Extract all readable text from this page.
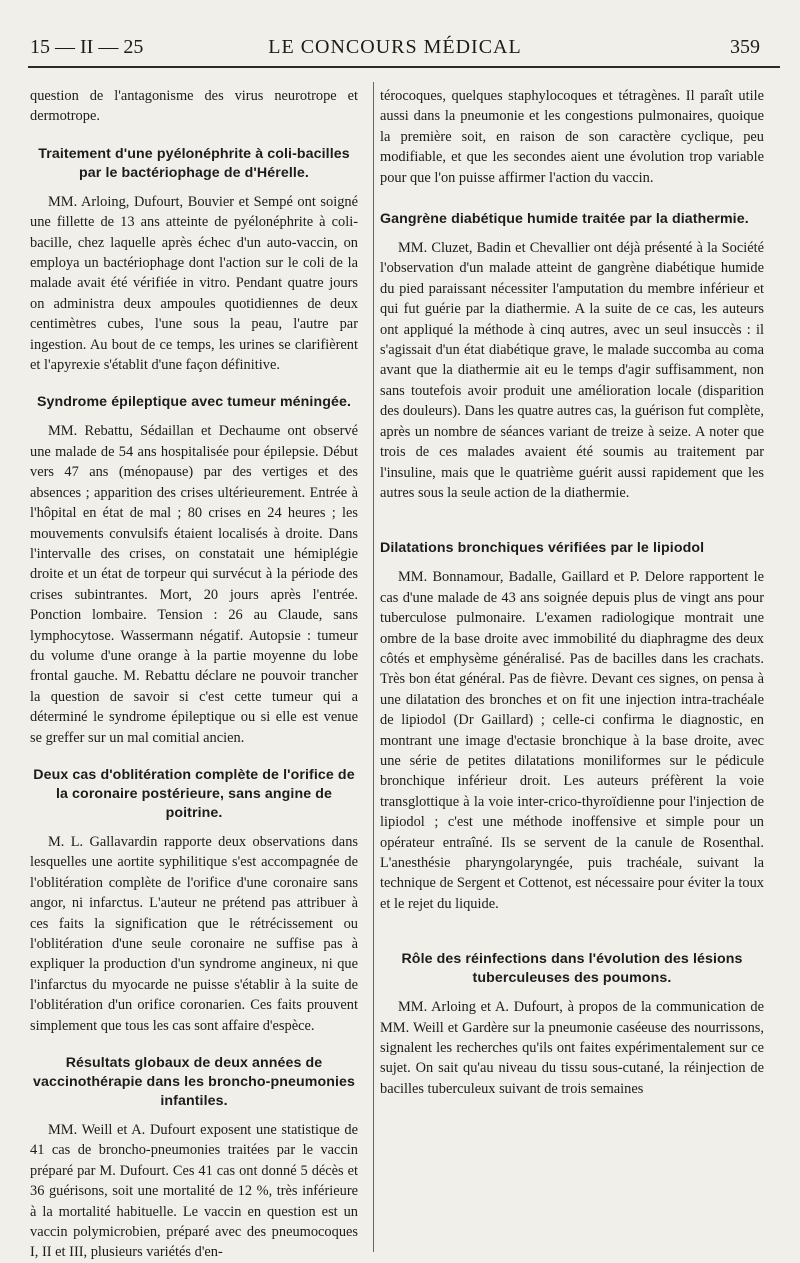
15 — II — 25	LE CONCOURS MÉDICAL	359

question de l'antagonisme des virus neurotrope et dermotrope.

Traitement d'une pyélonéphrite à coli-bacilles par le bactériophage de d'Hérelle.

MM. Arloing, Dufourt, Bouvier et Sempé ont soigné une fillette de 13 ans atteinte de pyélonéphrite à coli-bacille, chez laquelle après échec d'un auto-vaccin, on employa un bactériophage dont l'action sur le coli de la malade avait été vérifiée in vitro. Pendant quatre jours on administra deux ampoules quotidiennes de deux centimètres cubes, l'une sous la peau, l'autre par ingestion. Au bout de ce temps, les urines se clarifièrent et l'apyrexie s'établit d'une façon définitive.

Syndrome épileptique avec tumeur méningée.

MM. Rebattu, Sédaillan et Dechaume ont observé une malade de 54 ans hospitalisée pour épilepsie. Début vers 47 ans (ménopause) par des vertiges et des absences ; apparition des crises ultérieurement. Entrée à l'hôpital en état de mal ; 80 crises en 24 heures ; les mouvements convulsifs étaient localisés à droite. Dans l'intervalle des crises, on constatait une hémiplégie droite et un état de torpeur qui survécut à la période des crises subintrantes. Mort, 20 jours après l'entrée. Ponction lombaire. Tension : 26 au Claude, sans lymphocytose. Wassermann négatif. Autopsie : tumeur du volume d'une orange à la partie moyenne du lobe frontal gauche. M. Rebattu déclare ne pouvoir trancher la question de savoir si c'est cette tumeur qui a déterminé le syndrome épileptique ou si elle est venue se greffer sur un mal comitial ancien.

Deux cas d'oblitération complète de l'orifice de la coronaire postérieure, sans angine de poitrine.

M. L. Gallavardin rapporte deux observations dans lesquelles une aortite syphilitique s'est accompagnée de l'oblitération complète de l'orifice d'une coronaire sans angor, ni infarctus. L'auteur ne prétend pas attribuer à ces faits la signification que le rétrécissement ou l'oblitération d'une seule coronaire ne suffise pas à expliquer la production d'un syndrome angineux, ni que l'infarctus du myocarde ne puisse s'établir à la suite de l'oblitération d'un orifice coronarien. Ces faits prouvent simplement que tous les cas sont affaire d'espèce.

Résultats globaux de deux années de vaccinothérapie dans les broncho-pneumonies infantiles.

MM. Weill et A. Dufourt exposent une statistique de 41 cas de broncho-pneumonies traitées par le vaccin préparé par M. Dufourt. Ces 41 cas ont donné 5 décès et 36 guérisons, soit une mortalité de 12 %, très inférieure à la mortalité habituelle. Le vaccin en question est un vaccin polymicrobien, préparé avec des pneumocoques I, II et III, plusieurs variétés d'en-

térocoques, quelques staphylocoques et tétragènes. Il paraît utile aussi dans la pneumonie et les congestions pulmonaires, quoique la première soit, en raison de son caractère cyclique, peu modifiable, et que les secondes aient une évolution trop variable pour que l'on puisse affirmer l'action du vaccin.

Gangrène diabétique humide traitée par la diathermie.

MM. Cluzet, Badin et Chevallier ont déjà présenté à la Société l'observation d'un malade atteint de gangrène diabétique humide du pied paraissant nécessiter l'amputation du membre inférieur et qui fut guérie par la diathermie. A la suite de ce cas, les auteurs ont appliqué la méthode à cinq autres, avec un seul insuccès : il s'agissait d'un état diabétique grave, le malade succomba au coma avant que la diathermie ait eu le temps d'agir suffisamment, non sans toutefois avoir produit une amélioration locale (disparition des douleurs). Dans les quatre autres cas, la guérison fut complète, après un nombre de séances variant de treize à seize. A noter que trois de ces malades avaient été soumis au traitement par l'insuline, mais que le quatrième guérit aussi rapidement que les autres sous la seule action de la diathermie.

Dilatations bronchiques vérifiées par le lipiodol

MM. Bonnamour, Badalle, Gaillard et P. Delore rapportent le cas d'une malade de 43 ans soignée depuis plus de vingt ans pour tuberculose pulmonaire. L'examen radiologique montrait une ombre de la base droite avec immobilité du diaphragme des deux côtés et emphysème généralisé. Pas de bacilles dans les crachats. Très bon état général. Pas de fièvre. Devant ces signes, on pensa à une dilatation des bronches et on fit une injection intra-trachéale de lipiodol (Dr Gaillard) ; celle-ci confirma le diagnostic, en montrant une image d'ectasie bronchique à la base droite, avec une série de petites dilatations moniliformes sur le pédicule bronchique inférieur droit. Les auteurs préfèrent la voie transglottique à la voie inter-crico-thyroïdienne pour l'injection de lipiodol ; c'est une méthode inoffensive et simple pour un opérateur entraîné. Ils se servent de la canule de Rosenthal. L'anesthésie pharyngolaryngée, puis trachéale, suivant la technique de Sergent et Cottenot, est nécessaire pour éviter la toux et le rejet du liquide.

Rôle des réinfections dans l'évolution des lésions tuberculeuses des poumons.

MM. Arloing et A. Dufourt, à propos de la communication de MM. Weill et Gardère sur la pneumonie caséeuse des nourrissons, signalent les recherches qu'ils ont faites expérimentalement sur ce sujet. On sait qu'au niveau du tissu sous-cutané, la réinjection de bacilles tuberculeux suivant de trois semaines
